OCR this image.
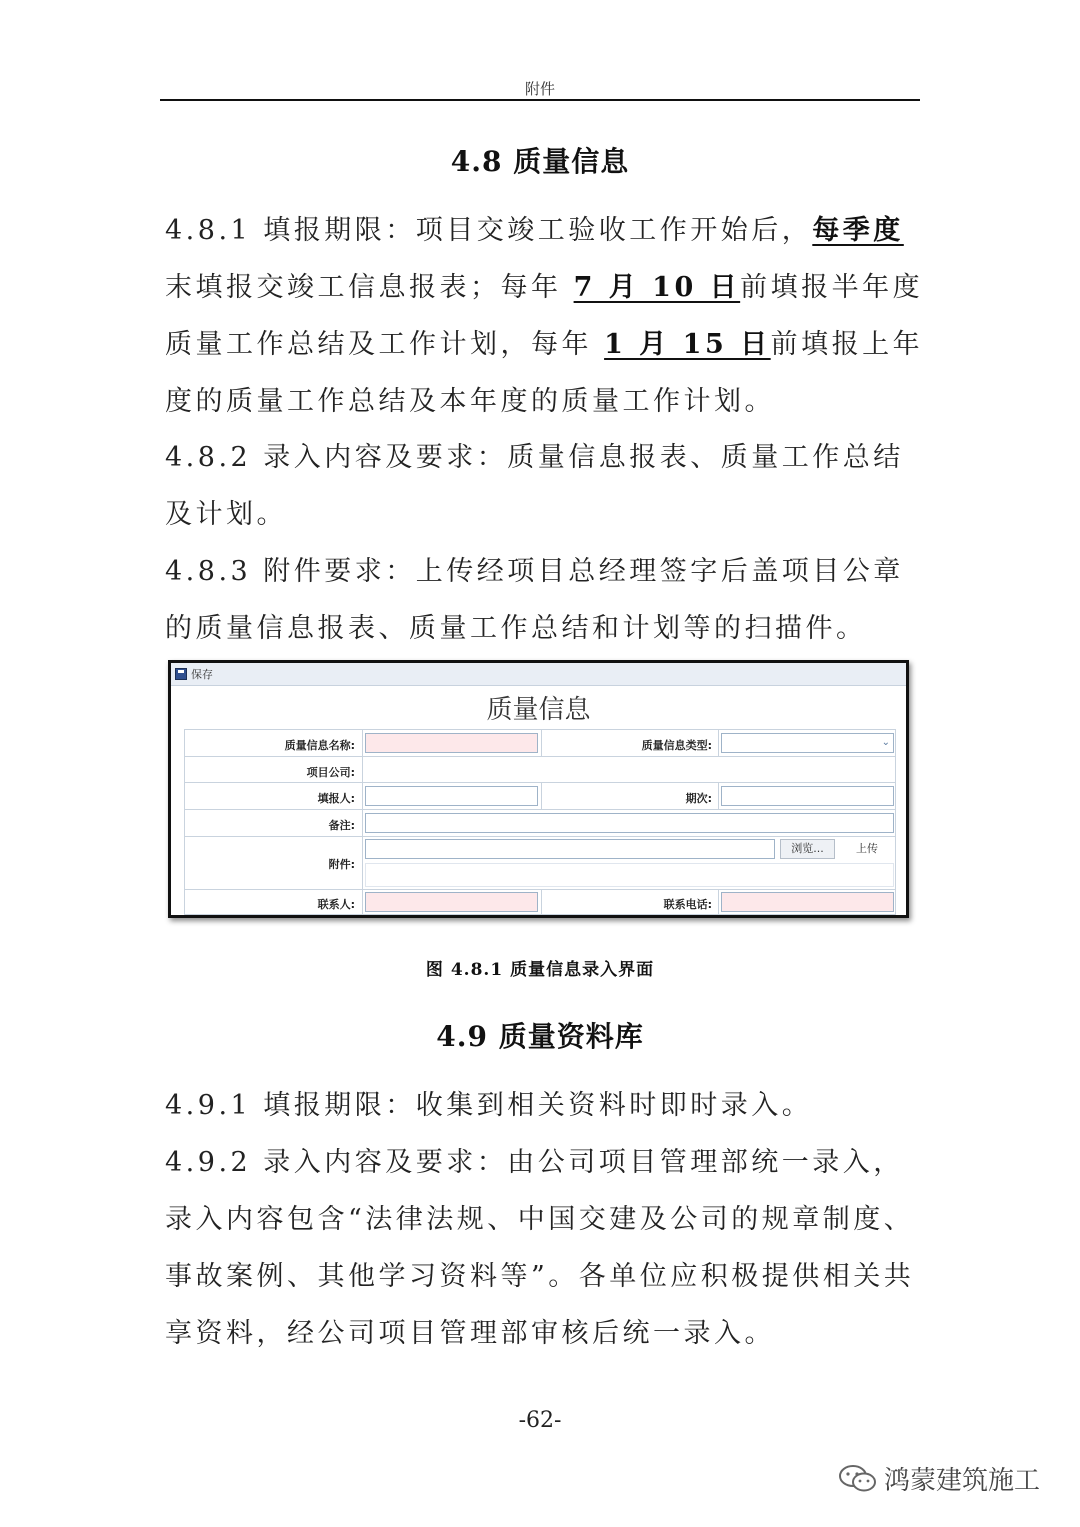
附件
4.8 质量信息
4.8.1 填报期限：项目交竣工验收工作开始后，每季度末填报交竣工信息报表；每年 7 月 10 日前填报半年度质量工作总结及工作计划，每年 1 月 15 日前填报上年度的质量工作总结及本年度的质量工作计划。
4.8.2 录入内容及要求：质量信息报表、质量工作总结及计划。
4.8.3 附件要求：上传经项目总经理签字后盖项目公章的质量信息报表、质量工作总结和计划等的扫描件。
保存
质量信息
质量信息名称:	质量信息类型:	⌄
项目公司:
填报人:	期次:
备注:
附件:
浏览...	上传
联系人:	联系电话:
图 4.8.1 质量信息录入界面
4.9 质量资料库
4.9.1 填报期限：收集到相关资料时即时录入。
4.9.2 录入内容及要求：由公司项目管理部统一录入，录入内容包含“法律法规、中国交建及公司的规章制度、事故案例、其他学习资料等”。各单位应积极提供相关共享资料，经公司项目管理部审核后统一录入。
-62-
鸿蒙建筑施工
